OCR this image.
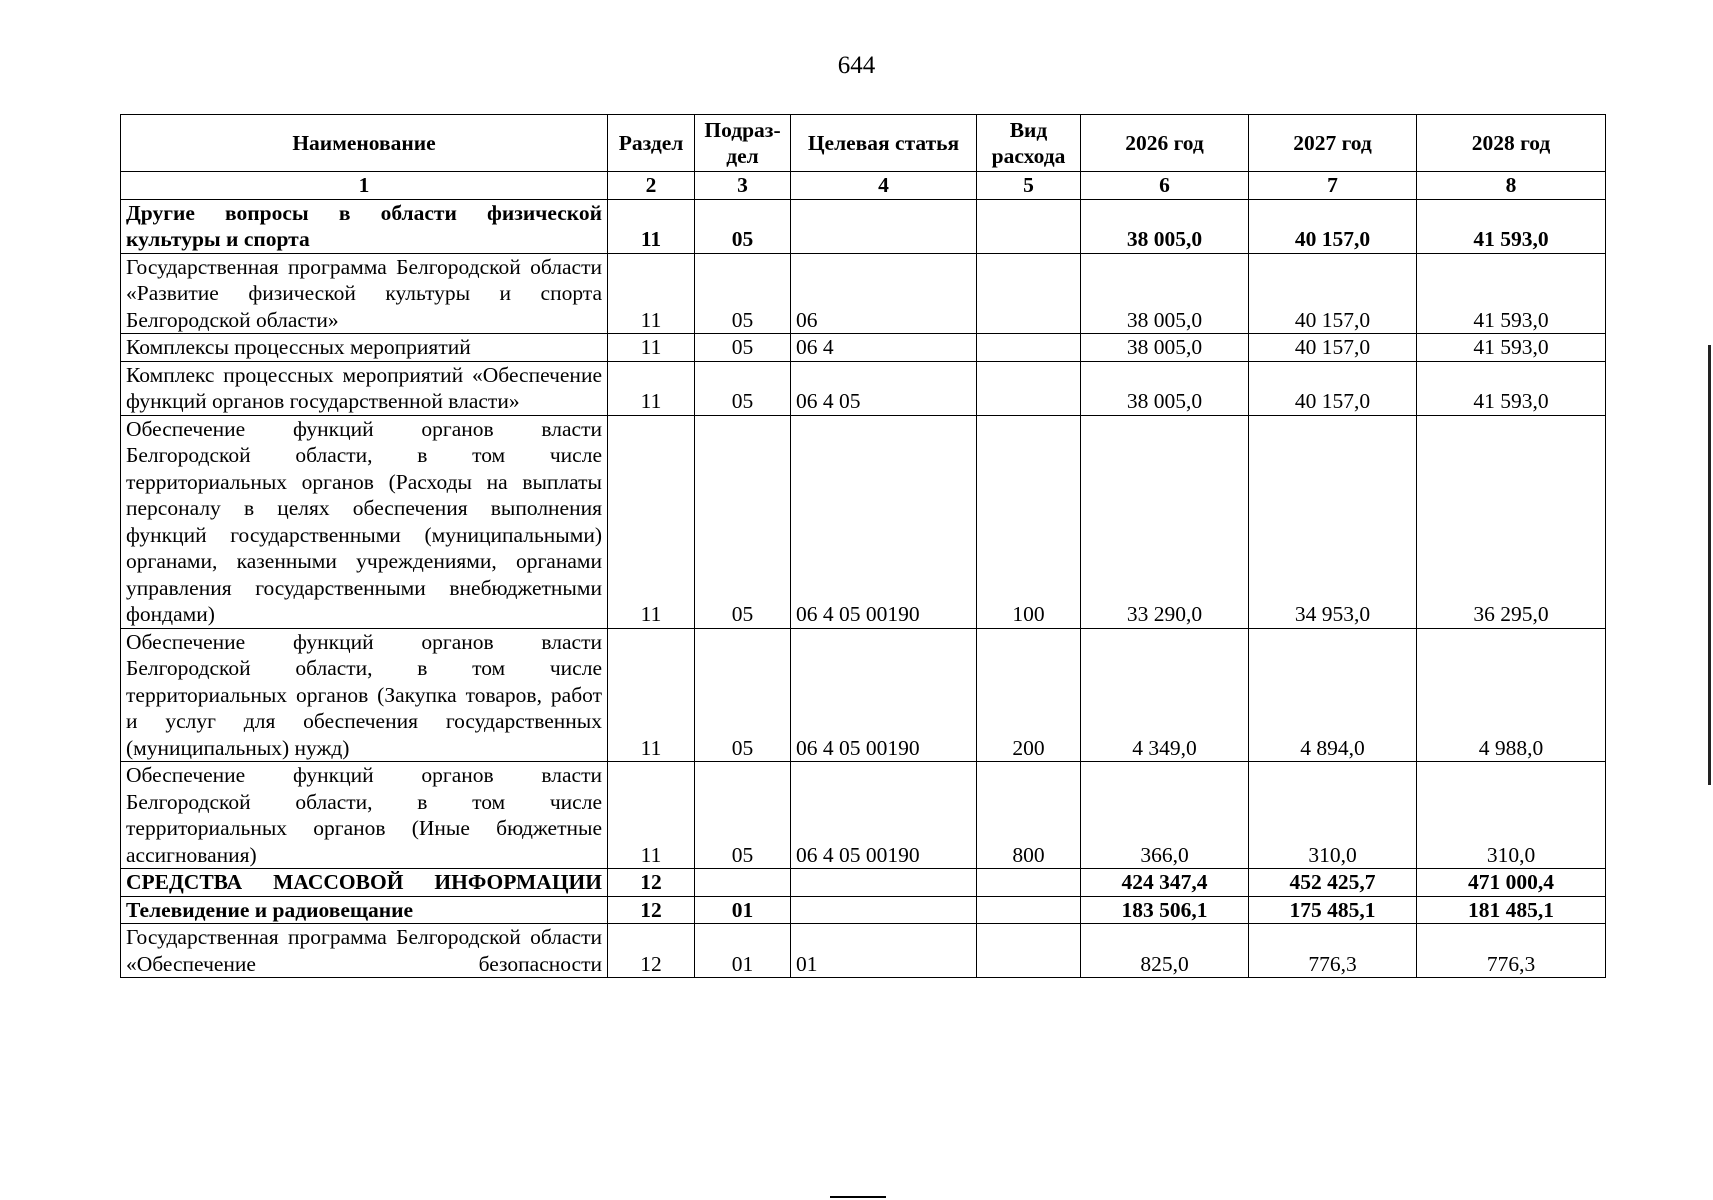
644
Наименование	Раздел	Подраз-дел	Целевая статья	Вид расхода	2026 год	2027 год	2028 год
1	2	3	4	5	6	7	8
Другие вопросы в области физической культуры и спорта	11	05			38 005,0	40 157,0	41 593,0
Государственная программа Белгородской области «Развитие физической культуры и спорта Белгородской области»	11	05	06		38 005,0	40 157,0	41 593,0
Комплексы процессных мероприятий	11	05	06 4		38 005,0	40 157,0	41 593,0
Комплекс процессных мероприятий «Обеспечение функций органов государственной власти»	11	05	06 4 05		38 005,0	40 157,0	41 593,0
Обеспечение функций органов власти Белгородской области, в том числе территориальных органов (Расходы на выплаты персоналу в целях обеспечения выполнения функций государственными (муниципальными) органами, казенными учреждениями, органами управления государственными внебюджетными фондами)	11	05	06 4 05 00190	100	33 290,0	34 953,0	36 295,0
Обеспечение функций органов власти Белгородской области, в том числе территориальных органов (Закупка товаров, работ и услуг для обеспечения государственных (муниципальных) нужд)	11	05	06 4 05 00190	200	4 349,0	4 894,0	4 988,0
Обеспечение функций органов власти Белгородской области, в том числе территориальных органов (Иные бюджетные ассигнования)	11	05	06 4 05 00190	800	366,0	310,0	310,0
СРЕДСТВА МАССОВОЙ ИНФОРМАЦИИ	12				424 347,4	452 425,7	471 000,4
Телевидение и радиовещание	12	01			183 506,1	175 485,1	181 485,1
Государственная программа Белгородской области «Обеспечение безопасности	12	01	01		825,0	776,3	776,3
